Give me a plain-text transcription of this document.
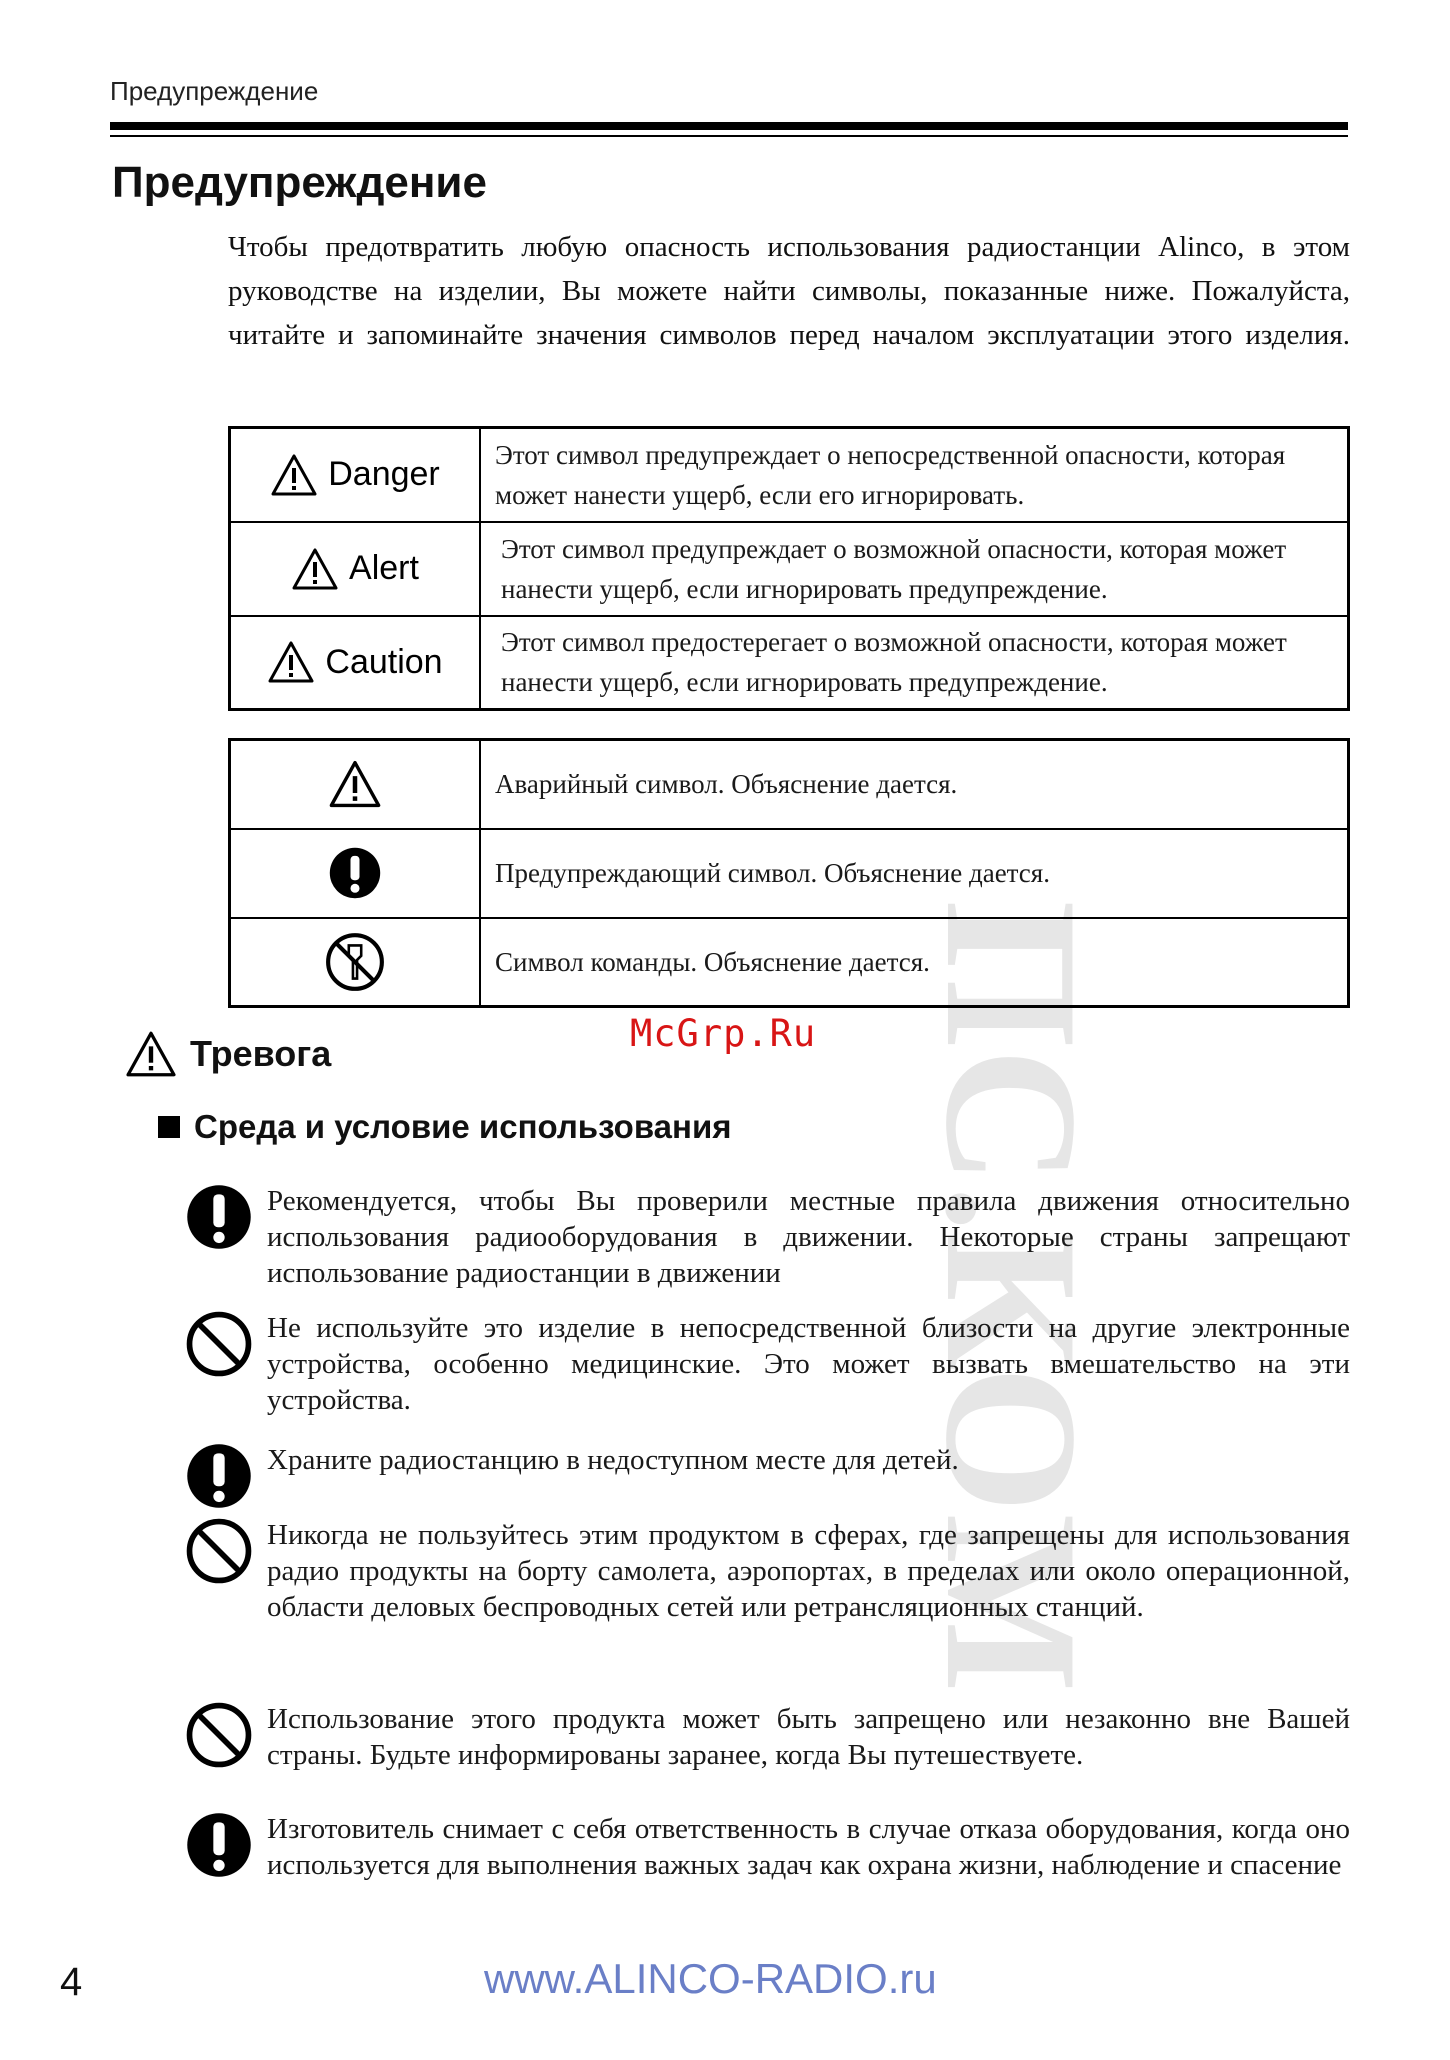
Предупреждение
Предупреждение
Чтобы предотвратить любую опасность использования радиостанции Alinco, в этом руководстве на изделии, Вы можете найти символы, показанные ниже. Пожалуйста, читайте и запоминайте значения символов перед началом эксплуатации этого изделия.
ПС.КОМ
Danger	Этот символ предупреждает о непосредственной опасности, которая может нанести ущерб, если его игнорировать.

Alert	Этот символ предупреждает о возможной опасности, которая может нанести ущерб, если игнорировать предупреждение.

Caution	Этот символ предостерегает о возможной опасности, которая может нанести ущерб, если игнорировать предупреждение.
	Аварийный символ. Объяснение дается.

	Предупреждающий символ. Объяснение дается.

	Символ команды. Объяснение дается.
McGrp.Ru
Тревога
Среда и условие использования
Рекомендуется, чтобы Вы проверили местные правила движения относительно использования радиооборудования в движении. Некоторые страны запрещают использование радиостанции в движении
Не используйте это изделие в непосредственной близости на другие электронные устройства, особенно медицинские. Это может вызвать вмешательство на эти устройства.
Храните радиостанцию в недоступном месте для детей.
Никогда не пользуйтесь этим продуктом в сферах, где запрещены для использования радио продукты на борту самолета, аэропортах, в пределах или около операционной, области деловых беспроводных сетей или ретрансляционных станций.
Использование этого продукта может быть запрещено или незаконно вне Вашей страны. Будьте информированы заранее, когда Вы путешествуете.
Изготовитель снимает с себя ответственность в случае отказа оборудования, когда оно используется для выполнения важных задач как охрана жизни, наблюдение и спасение
4	www.ALINCO-RADIO.ru
